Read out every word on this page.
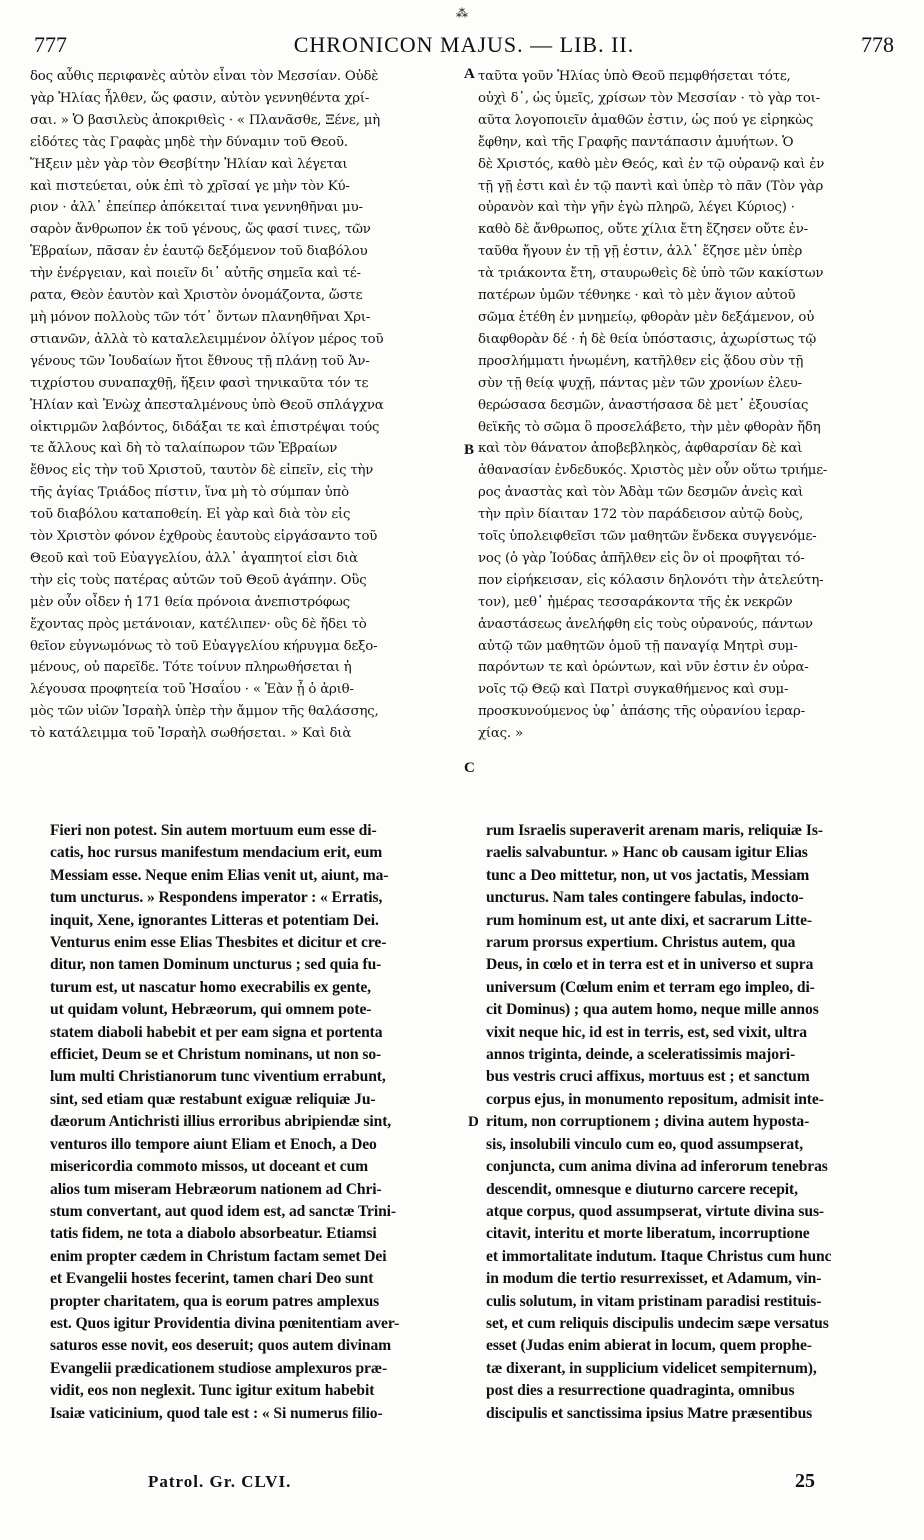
⁂
777	CHRONICON MAJUS. — LIB. II.	778
δος αὖθις περιφανὲς αὐτὸν εἶναι τὸν Μεσσίαν. Οὐδὲ
γὰρ Ἠλίας ἦλθεν, ὥς φασιν, αὐτὸν γεννηθέντα χρί-
σαι. » Ὁ βασιλεὺς ἀποκριθεὶς · « Πλανᾶσθε, Ξένε, μὴ
εἰδότες τὰς Γραφὰς μηδὲ τὴν δύναμιν τοῦ Θεοῦ.
Ἥξειν μὲν γὰρ τὸν Θεσβίτην Ἠλίαν καὶ λέγεται
καὶ πιστεύεται, οὐκ ἐπὶ τὸ χρῖσαί γε μὴν τὸν Κύ-
ριον · ἀλλ᾽ ἐπείπερ ἀπόκειταί τινα γεννηθῆναι μυ-
σαρὸν ἄνθρωπον ἐκ τοῦ γένους, ὥς φασί τινες, τῶν
Ἑβραίων, πᾶσαν ἐν ἑαυτῷ δεξόμενον τοῦ διαβόλου
τὴν ἐνέργειαν, καὶ ποιεῖν δι᾽ αὐτῆς σημεῖα καὶ τέ-
ρατα, Θεὸν ἑαυτὸν καὶ Χριστὸν ὀνομάζοντα, ὥστε
μὴ μόνον πολλοὺς τῶν τότ᾽ ὄντων πλανηθῆναι Χρι-
στιανῶν, ἀλλὰ τὸ καταλελειμμένον ὀλίγον μέρος τοῦ
γένους τῶν Ἰουδαίων ἤτοι ἔθνους τῇ πλάνῃ τοῦ Ἀν-
τιχρίστου συναπαχθῇ, ἥξειν φασὶ τηνικαῦτα τόν τε
Ἠλίαν καὶ Ἐνὼχ ἀπεσταλμένους ὑπὸ Θεοῦ σπλάγχνα
οἰκτιρμῶν λαβόντος, διδάξαι τε καὶ ἐπιστρέψαι τούς
τε ἄλλους καὶ δὴ τὸ ταλαίπωρον τῶν Ἑβραίων
ἔθνος εἰς τὴν τοῦ Χριστοῦ, ταυτὸν δὲ εἰπεῖν, εἰς τὴν
τῆς ἁγίας Τριάδος πίστιν, ἵνα μὴ τὸ σύμπαν ὑπὸ
τοῦ διαβόλου καταποθείη. Εἰ γὰρ καὶ διὰ τὸν εἰς
τὸν Χριστὸν φόνον ἐχθροὺς ἑαυτοὺς εἰργάσαντο τοῦ
Θεοῦ καὶ τοῦ Εὐαγγελίου, ἀλλ᾽ ἀγαπητοί εἰσι διὰ
τὴν εἰς τοὺς πατέρας αὐτῶν τοῦ Θεοῦ ἀγάπην. Οὓς
μὲν οὖν οἶδεν ἡ 171 θεία πρόνοια ἀνεπιστρόφως
ἔχοντας πρὸς μετάνοιαν, κατέλιπεν· οὓς δὲ ἤδει τὸ
θεῖον εὐγνωμόνως τὸ τοῦ Εὐαγγελίου κήρυγμα δεξο-
μένους, οὐ παρεῖδε. Τότε τοίνυν πληρωθήσεται ἡ
λέγουσα προφητεία τοῦ Ἡσαΐου · « Ἐὰν ᾖ ὁ ἀριθ-
μὸς τῶν υἱῶν Ἰσραὴλ ὑπὲρ τὴν ἄμμον τῆς θαλάσσης,
τὸ κατάλειμμα τοῦ Ἰσραὴλ σωθήσεται. » Καὶ διὰ
ταῦτα γοῦν Ἠλίας ὑπὸ Θεοῦ πεμφθήσεται τότε,
οὐχὶ δ᾽, ὡς ὑμεῖς, χρίσων τὸν Μεσσίαν · τὸ γὰρ τοι-
αῦτα λογοποιεῖν ἀμαθῶν ἐστιν, ὡς πού γε εἰρηκὼς
ἔφθην, καὶ τῆς Γραφῆς παντάπασιν ἀμυήτων. Ὁ
δὲ Χριστός, καθὸ μὲν Θεός, καὶ ἐν τῷ οὐρανῷ καὶ ἐν
τῇ γῇ ἐστι καὶ ἐν τῷ παντὶ καὶ ὑπὲρ τὸ πᾶν (Τὸν γὰρ
οὐρανὸν καὶ τὴν γῆν ἐγὼ πληρῶ, λέγει Κύριος) ·
καθὸ δὲ ἄνθρωπος, οὔτε χίλια ἔτη ἔζησεν οὔτε ἐν-
ταῦθα ἤγουν ἐν τῇ γῇ ἐστιν, ἀλλ᾽ ἔζησε μὲν ὑπὲρ
τὰ τριάκοντα ἔτη, σταυρωθεὶς δὲ ὑπὸ τῶν κακίστων
πατέρων ὑμῶν τέθνηκε · καὶ τὸ μὲν ἅγιον αὐτοῦ
σῶμα ἐτέθη ἐν μνημείῳ, φθορὰν μὲν δεξάμενον, οὐ
διαφθορὰν δέ · ἡ δὲ θεία ὑπόστασις, ἀχωρίστως τῷ
προσλήμματι ἡνωμένη, κατῆλθεν εἰς ᾅδου σὺν τῇ
σὺν τῇ θείᾳ ψυχῇ, πάντας μὲν τῶν χρονίων ἐλευ-
θερώσασα δεσμῶν, ἀναστήσασα δὲ μετ᾽ ἐξουσίας
θεϊκῆς τὸ σῶμα ὃ προσελάβετο, τὴν μὲν φθορὰν ἤδη
καὶ τὸν θάνατον ἀποβεβληκὸς, ἀφθαρσίαν δὲ καὶ
ἀθανασίαν ἐνδεδυκός. Χριστὸς μὲν οὖν οὕτω τριήμε-
ρος ἀναστὰς καὶ τὸν Ἀδὰμ τῶν δεσμῶν ἀνεὶς καὶ
τὴν πρὶν δίαιταν 172 τὸν παράδεισον αὐτῷ δοὺς,
τοῖς ὑπολειφθεῖσι τῶν μαθητῶν ἕνδεκα συγγενόμε-
νος (ὁ γὰρ Ἰούδας ἀπῆλθεν εἰς ὃν οἱ προφῆται τό-
πον εἰρήκεισαν, εἰς κόλασιν δηλονότι τὴν ἀτελεύτη-
τον), μεθ᾽ ἡμέρας τεσσαράκοντα τῆς ἐκ νεκρῶν
ἀναστάσεως ἀνελήφθη εἰς τοὺς οὐρανούς, πάντων
αὐτῷ τῶν μαθητῶν ὁμοῦ τῇ παναγίᾳ Μητρὶ συμ-
παρόντων τε καὶ ὁρώντων, καὶ νῦν ἐστιν ἐν οὐρα-
νοῖς τῷ Θεῷ καὶ Πατρὶ συγκαθήμενος καὶ συμ-
προσκυνούμενος ὑφ᾽ ἁπάσης τῆς οὐρανίου ἱεραρ-
χίας. »
A
B
C
D
Fieri non potest. Sin autem mortuum eum esse di-
catis, hoc rursus manifestum mendacium erit, eum
Messiam esse. Neque enim Elias venit ut, aiunt, ma-
tum uncturus. » Respondens imperator : « Erratis,
inquit, Xene, ignorantes Litteras et potentiam Dei.
Venturus enim esse Elias Thesbites et dicitur et cre-
ditur, non tamen Dominum uncturus ; sed quia fu-
turum est, ut nascatur homo execrabilis ex gente,
ut quidam volunt, Hebræorum, qui omnem pote-
statem diaboli habebit et per eam signa et portenta
efficiet, Deum se et Christum nominans, ut non so-
lum multi Christianorum tunc viventium errabunt,
sint, sed etiam quæ restabunt exiguæ reliquiæ Ju-
dæorum Antichristi illius erroribus abripiendæ sint,
venturos illo tempore aiunt Eliam et Enoch, a Deo
misericordia commoto missos, ut doceant et cum
alios tum miseram Hebræorum nationem ad Chri-
stum convertant, aut quod idem est, ad sanctæ Trini-
tatis fidem, ne tota a diabolo absorbeatur. Etiamsi
enim propter cædem in Christum factam semet Dei
et Evangelii hostes fecerint, tamen chari Deo sunt
propter charitatem, qua is eorum patres amplexus
est. Quos igitur Providentia divina pœnitentiam aver-
saturos esse novit, eos deseruit; quos autem divinam
Evangelii prædicationem studiose amplexuros præ-
vidit, eos non neglexit. Tunc igitur exitum habebit
Isaiæ vaticinium, quod tale est : « Si numerus filio-
rum Israelis superaverit arenam maris, reliquiæ Is-
raelis salvabuntur. » Hanc ob causam igitur Elias
tunc a Deo mittetur, non, ut vos jactatis, Messiam
uncturus. Nam tales contingere fabulas, indocto-
rum hominum est, ut ante dixi, et sacrarum Litte-
rarum prorsus expertium. Christus autem, qua
Deus, in cœlo et in terra est et in universo et supra
universum (Cœlum enim et terram ego impleo, di-
cit Dominus) ; qua autem homo, neque mille annos
vixit neque hic, id est in terris, est, sed vixit, ultra
annos triginta, deinde, a sceleratissimis majori-
bus vestris cruci affixus, mortuus est ; et sanctum
corpus ejus, in monumento repositum, admisit inte-
ritum, non corruptionem ; divina autem hyposta-
sis, insolubili vinculo cum eo, quod assumpserat,
conjuncta, cum anima divina ad inferorum tenebras
descendit, omnesque e diuturno carcere recepit,
atque corpus, quod assumpserat, virtute divina sus-
citavit, interitu et morte liberatum, incorruptione
et immortalitate indutum. Itaque Christus cum hunc
in modum die tertio resurrexisset, et Adamum, vin-
culis solutum, in vitam pristinam paradisi restituis-
set, et cum reliquis discipulis undecim sæpe versatus
esset (Judas enim abierat in locum, quem prophe-
tæ dixerant, in supplicium videlicet sempiternum),
post dies a resurrectione quadraginta, omnibus
discipulis et sanctissima ipsius Matre præsentibus
Patrol. Gr. CLVI.	25
